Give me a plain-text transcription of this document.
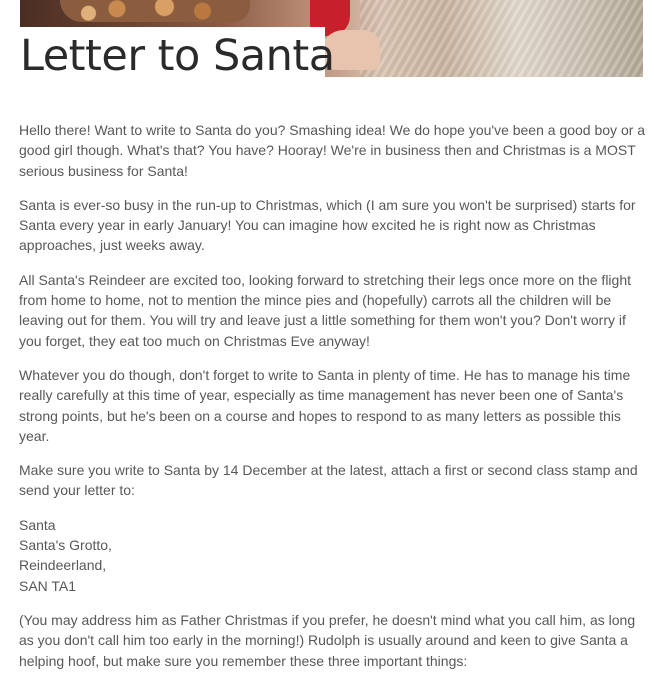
Letter to Santa

Hello there! Want to write to Santa do you? Smashing idea! We do hope you've been a good boy or a good girl though. What's that? You have? Hooray! We're in business then and Christmas is a MOST serious business for Santa!

Santa is ever-so busy in the run-up to Christmas, which (I am sure you won't be surprised) starts for Santa every year in early January! You can imagine how excited he is right now as Christmas approaches, just weeks away.

All Santa's Reindeer are excited too, looking forward to stretching their legs once more on the flight from home to home, not to mention the mince pies and (hopefully) carrots all the children will be leaving out for them. You will try and leave just a little something for them won't you? Don't worry if you forget, they eat too much on Christmas Eve anyway!

Whatever you do though, don't forget to write to Santa in plenty of time. He has to manage his time really carefully at this time of year, especially as time management has never been one of Santa's strong points, but he's been on a course and hopes to respond to as many letters as possible this year.

Make sure you write to Santa by 14 December at the latest, attach a first or second class stamp and send your letter to:

Santa
Santa's Grotto,
Reindeerland,
SAN TA1

(You may address him as Father Christmas if you prefer, he doesn't mind what you call him, as long as you don't call him too early in the morning!) Rudolph is usually around and keen to give Santa a helping hoof, but make sure you remember these three important things:
